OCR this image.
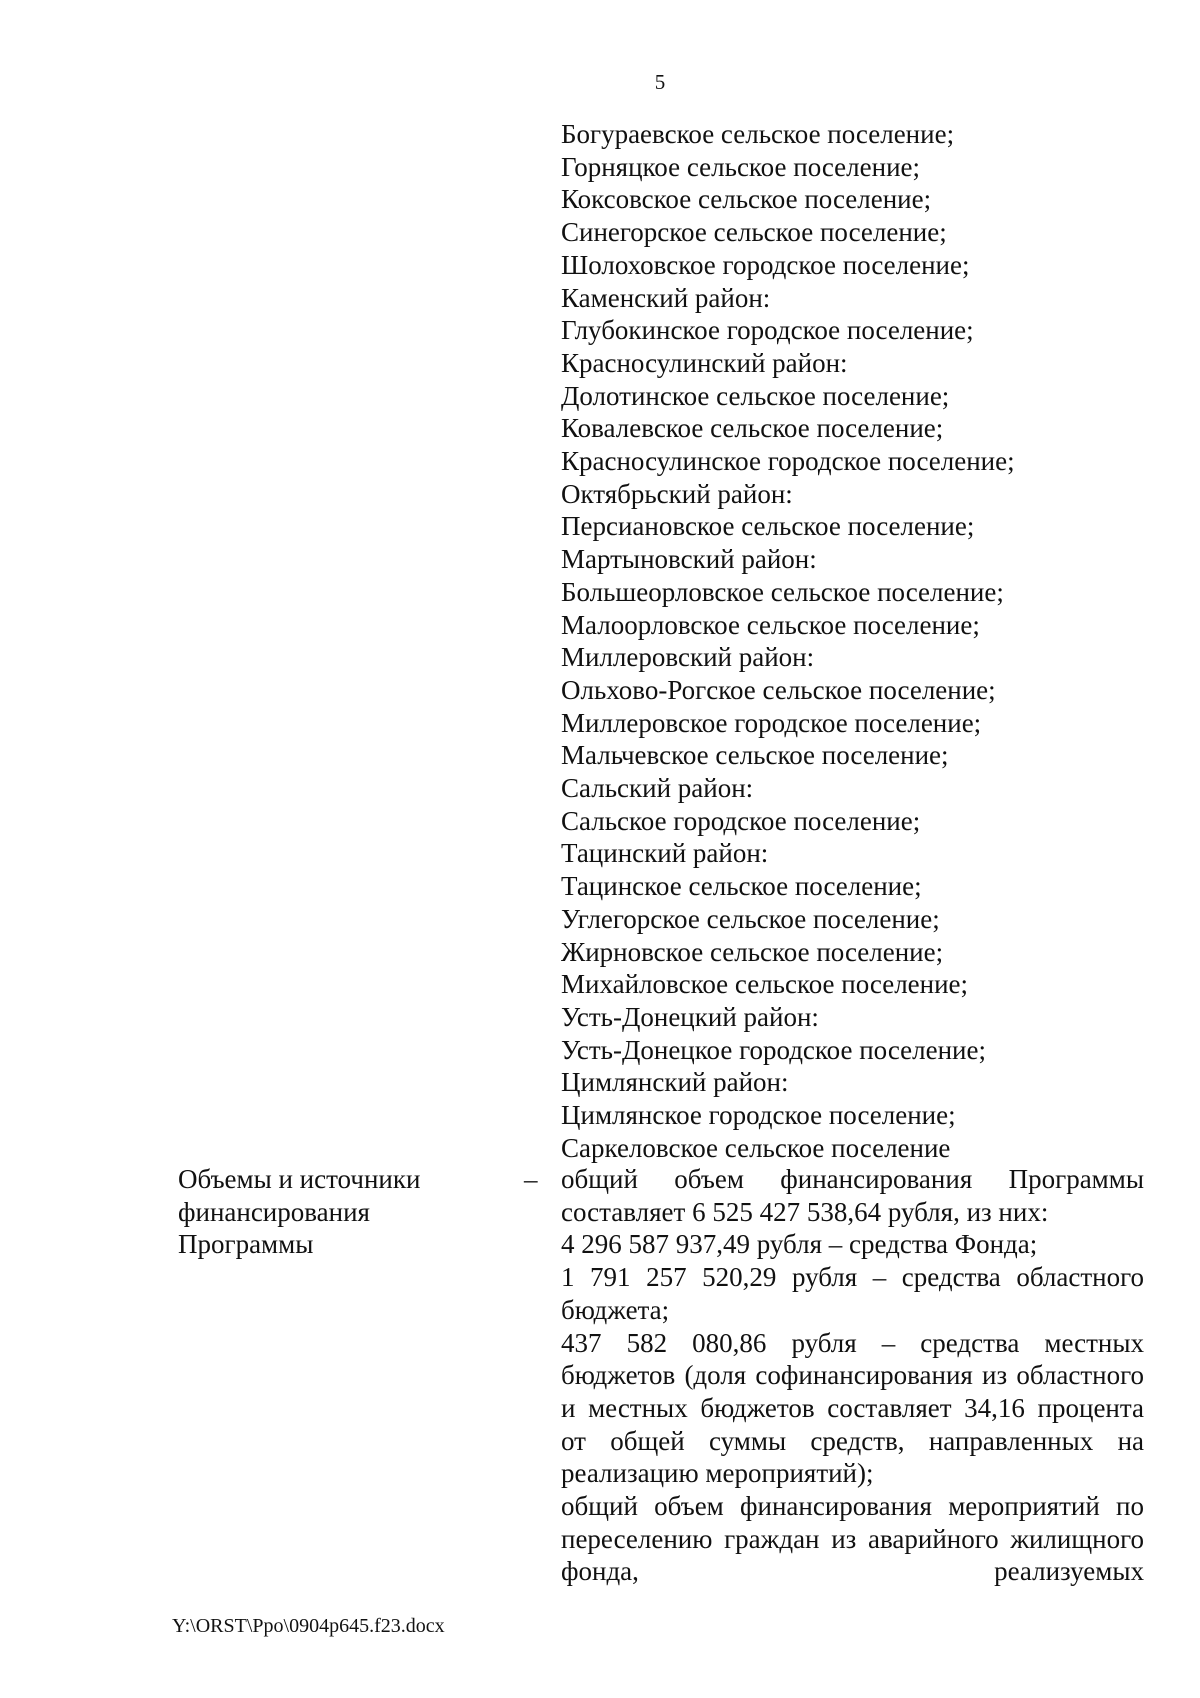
5
Богураевское сельское поселение;
Горняцкое сельское поселение;
Коксовское сельское поселение;
Синегорское сельское поселение;
Шолоховское городское поселение;
Каменский район:
Глубокинское городское поселение;
Красносулинский район:
Долотинское сельское поселение;
Ковалевское сельское поселение;
Красносулинское городское поселение;
Октябрьский район:
Персиановское сельское поселение;
Мартыновский район:
Большеорловское сельское поселение;
Малоорловское сельское поселение;
Миллеровский район:
Ольхово-Рогское сельское поселение;
Миллеровское городское поселение;
Мальчевское сельское поселение;
Сальский район:
Сальское городское поселение;
Тацинский район:
Тацинское сельское поселение;
Углегорское сельское поселение;
Жирновское сельское поселение;
Михайловское сельское поселение;
Усть-Донецкий район:
Усть-Донецкое городское поселение;
Цимлянский район:
Цимлянское городское поселение;
Саркеловское сельское поселение
Объемы и источники
финансирования
Программы
– общий объем финансирования Программы составляет 6 525 427 538,64 рубля, из них:

4 296 587 937,49 рубля – средства Фонда;

1 791 257 520,29 рубля – средства областного бюджета;

437 582 080,86 рубля – средства местных бюджетов (доля софинансирования из областного и местных бюджетов составляет 34,16 процента от общей суммы средств, направленных на реализацию мероприятий);

общий объем финансирования мероприятий по переселению граждан из аварийного жилищного фонда, реализуемых

Y:\ORST\Ppo\0904p645.f23.docx
